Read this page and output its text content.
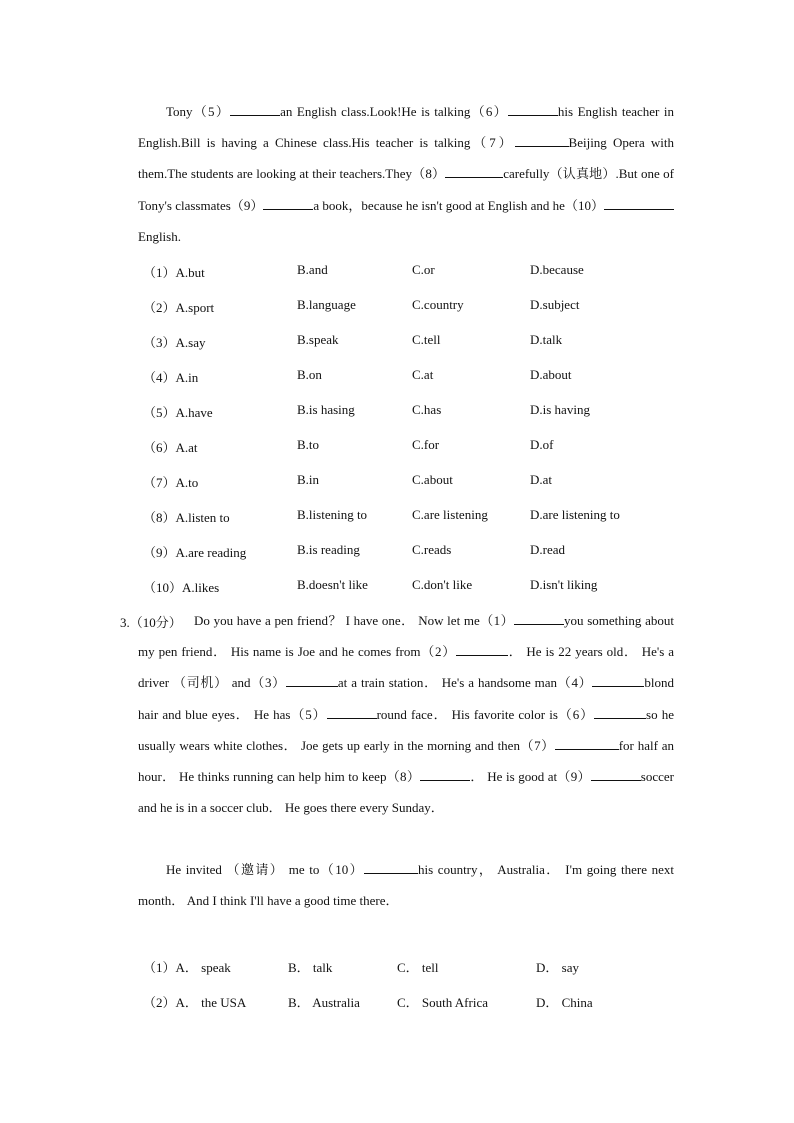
Tony（5）	an English class.Look!He is talking（6）	his English teacher in English.Bill is having a Chinese class.His teacher is talking（7）	Beijing Opera with them.The students are looking at their teachers.They（8）	carefully（认真地）.But one of Tony's classmates（9）	a book，because he isn't good at English and he（10）English.

（1）A.but	B.and	C.or	D.because
（2）A.sport	B.language	C.country	D.subject
（3）A.say	B.speak	C.tell	D.talk
（4）A.in	B.on	C.at	D.about
（5）A.have	B.is hasing	C.has	D.is having
（6）A.at	B.to	C.for	D.of
（7）A.to	B.in	C.about	D.at
（8）A.listen to	B.listening to	C.are listening	D.are listening to
（9）A.are reading	B.is reading	C.reads	D.read
（10）A.likes	B.doesn't like	C.don't like	D.isn't liking
3.（10分） Do you have a pen friend？ I have one． Now let me（1）	you something about my pen friend． His name is Joe and he comes from（2）	． He is 22 years old． He's a driver （司机） and（3）	at a train station． He's a handsome man（4）	blond hair and blue eyes． He has（5）	round face． His favorite color is（6）	so he usually wears white clothes． Joe gets up early in the morning and then（7）	for half an hour． He thinks running can help him to keep（8）	． He is good at（9）	soccer and he is in a soccer club． He goes there every Sunday．

He invited （邀请） me to（10）	his country， Australia． I'm going there next month． And I think I'll have a good time there．

（1）A． speak	B． talk	C． tell	D． say
（2）A． the USA	B． Australia	C． South Africa	D． China
